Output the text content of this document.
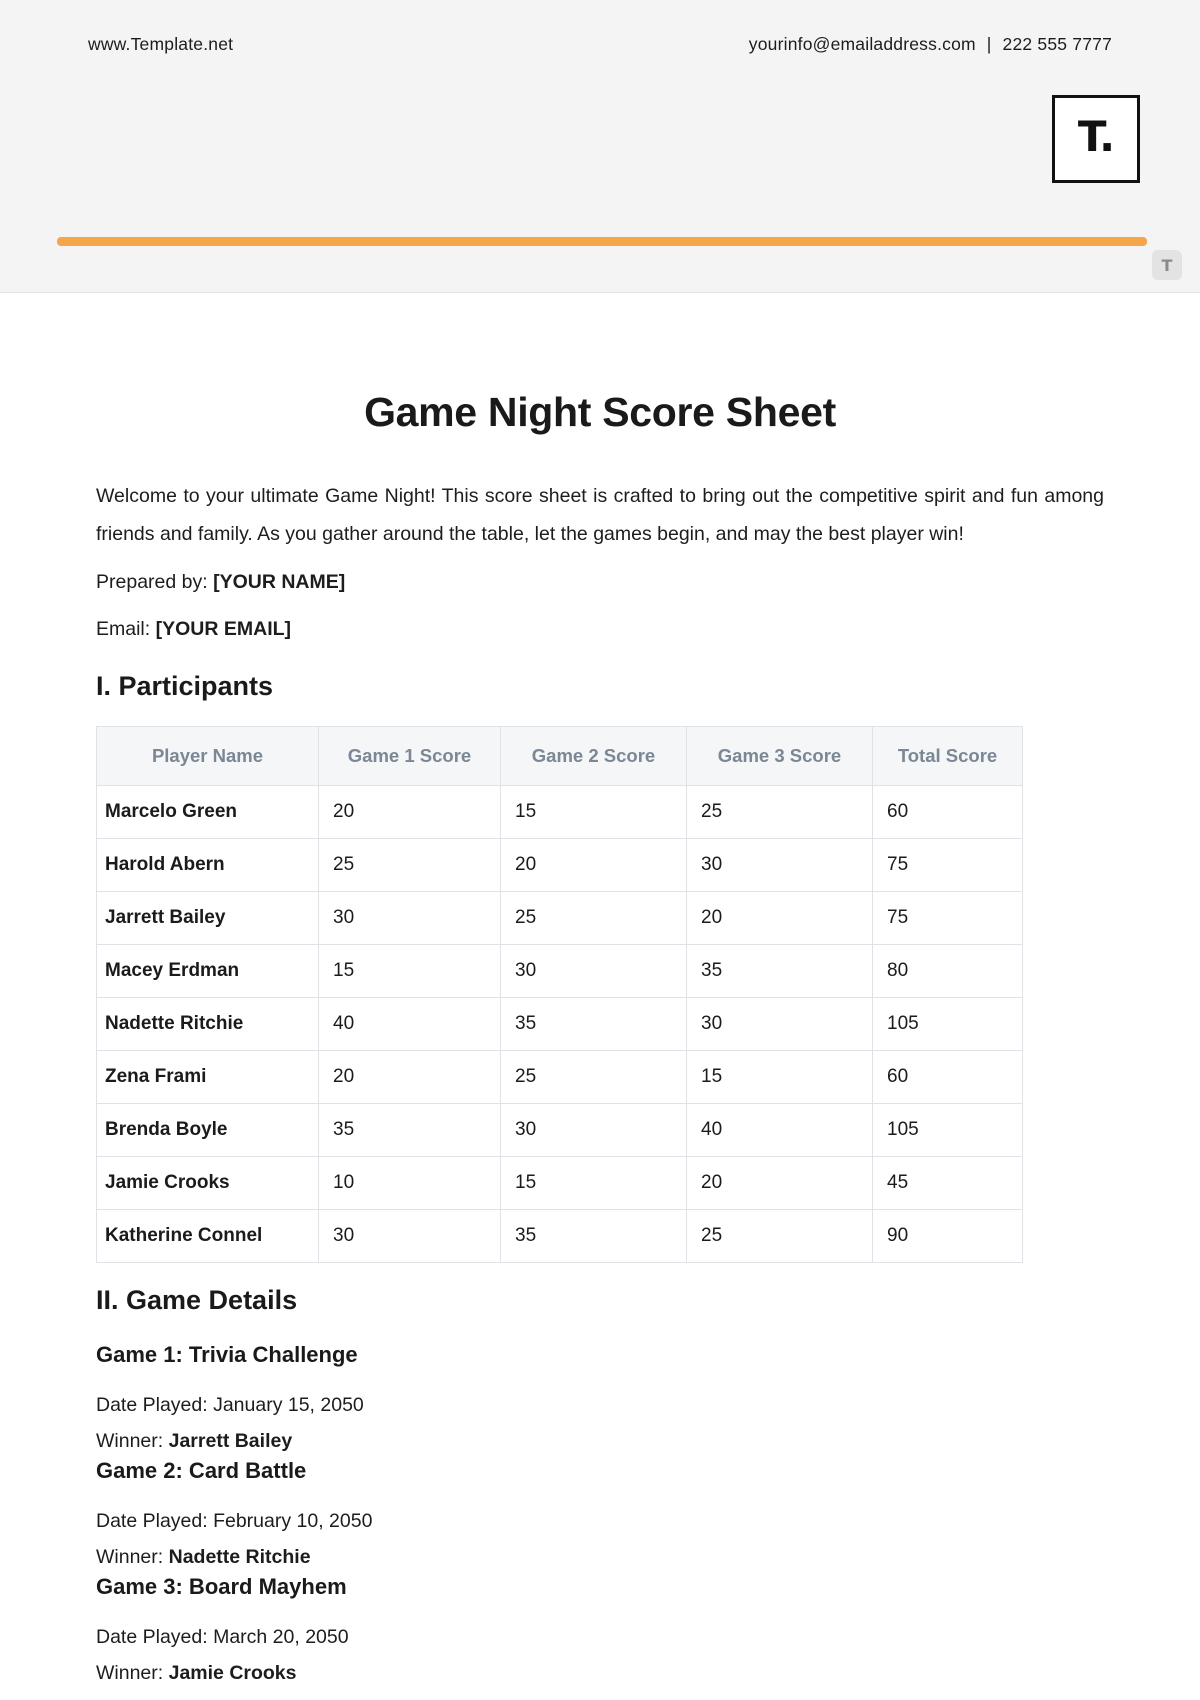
www.Template.net	yourinfo@emailaddress.com | 222 555 7777
T.
T
Game Night Score Sheet

Welcome to your ultimate Game Night! This score sheet is crafted to bring out the competitive spirit and fun among friends and family. As you gather around the table, let the games begin, and may the best player win!

Prepared by: [YOUR NAME]

Email: [YOUR EMAIL]

I. Participants
Player Name	Game 1 Score	Game 2 Score	Game 3 Score	Total Score
Marcelo Green	20	15	25	60
Harold Abern	25	20	30	75
Jarrett Bailey	30	25	20	75
Macey Erdman	15	30	35	80
Nadette Ritchie	40	35	30	105
Zena Frami	20	25	15	60
Brenda Boyle	35	30	40	105
Jamie Crooks	10	15	20	45
Katherine Connel	30	35	25	90
II. Game Details
Game 1: Trivia Challenge

Date Played: January 15, 2050

Winner: Jarrett Bailey

Game 2: Card Battle

Date Played: February 10, 2050

Winner: Nadette Ritchie

Game 3: Board Mayhem

Date Played: March 20, 2050

Winner: Jamie Crooks
